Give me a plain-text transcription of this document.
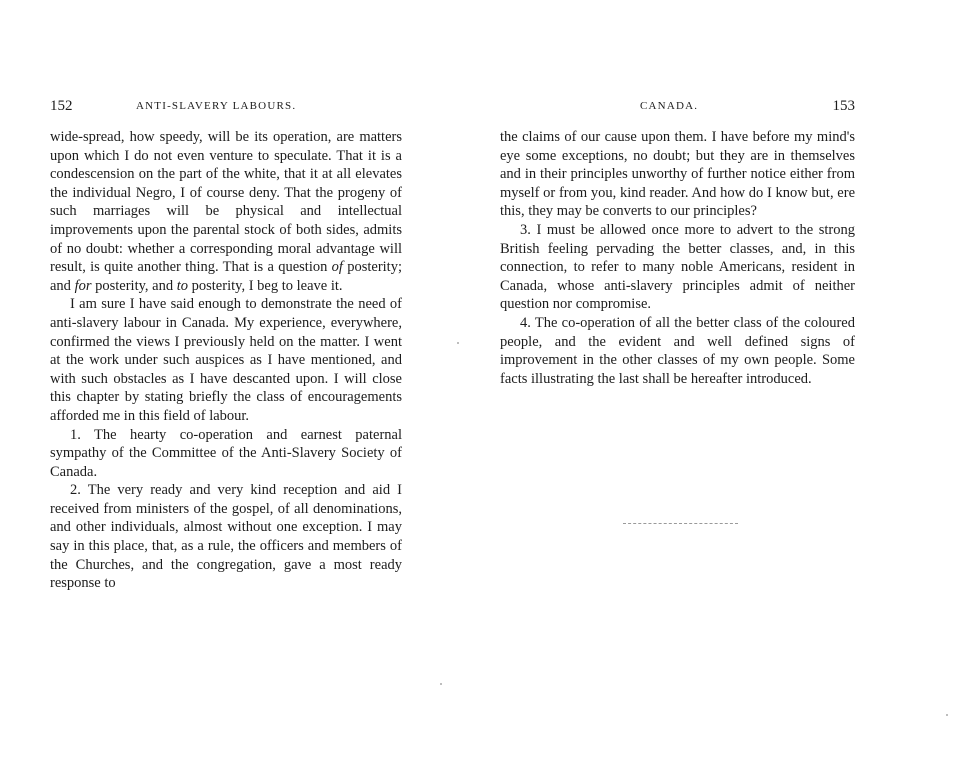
152	ANTI-SLAVERY LABOURS.

wide-spread, how speedy, will be its operation, are matters upon which I do not even venture to speculate. That it is a condescension on the part of the white, that it at all elevates the individual Negro, I of course deny. That the progeny of such marriages will be physical and intellectual improvements upon the parental stock of both sides, admits of no doubt: whether a corresponding moral advantage will result, is quite another thing. That is a question of posterity; and for posterity, and to posterity, I beg to leave it.

I am sure I have said enough to demonstrate the need of anti-slavery labour in Canada. My experience, everywhere, confirmed the views I previously held on the matter. I went at the work under such auspices as I have mentioned, and with such obstacles as I have descanted upon. I will close this chapter by stating briefly the class of encouragements afforded me in this field of labour.

1. The hearty co-operation and earnest paternal sympathy of the Committee of the Anti-Slavery Society of Canada.

2. The very ready and very kind reception and aid I received from ministers of the gospel, of all denominations, and other individuals, almost without one exception. I may say in this place, that, as a rule, the officers and members of the Churches, and the congregation, gave a most ready response to

CANADA.	153

the claims of our cause upon them. I have before my mind's eye some exceptions, no doubt; but they are in themselves and in their principles unworthy of further notice either from myself or from you, kind reader. And how do I know but, ere this, they may be converts to our principles?

3. I must be allowed once more to advert to the strong British feeling pervading the better classes, and, in this connection, to refer to many noble Americans, resident in Canada, whose anti-slavery principles admit of neither question nor compromise.

4. The co-operation of all the better class of the coloured people, and the evident and well defined signs of improvement in the other classes of my own people. Some facts illustrating the last shall be hereafter introduced.
